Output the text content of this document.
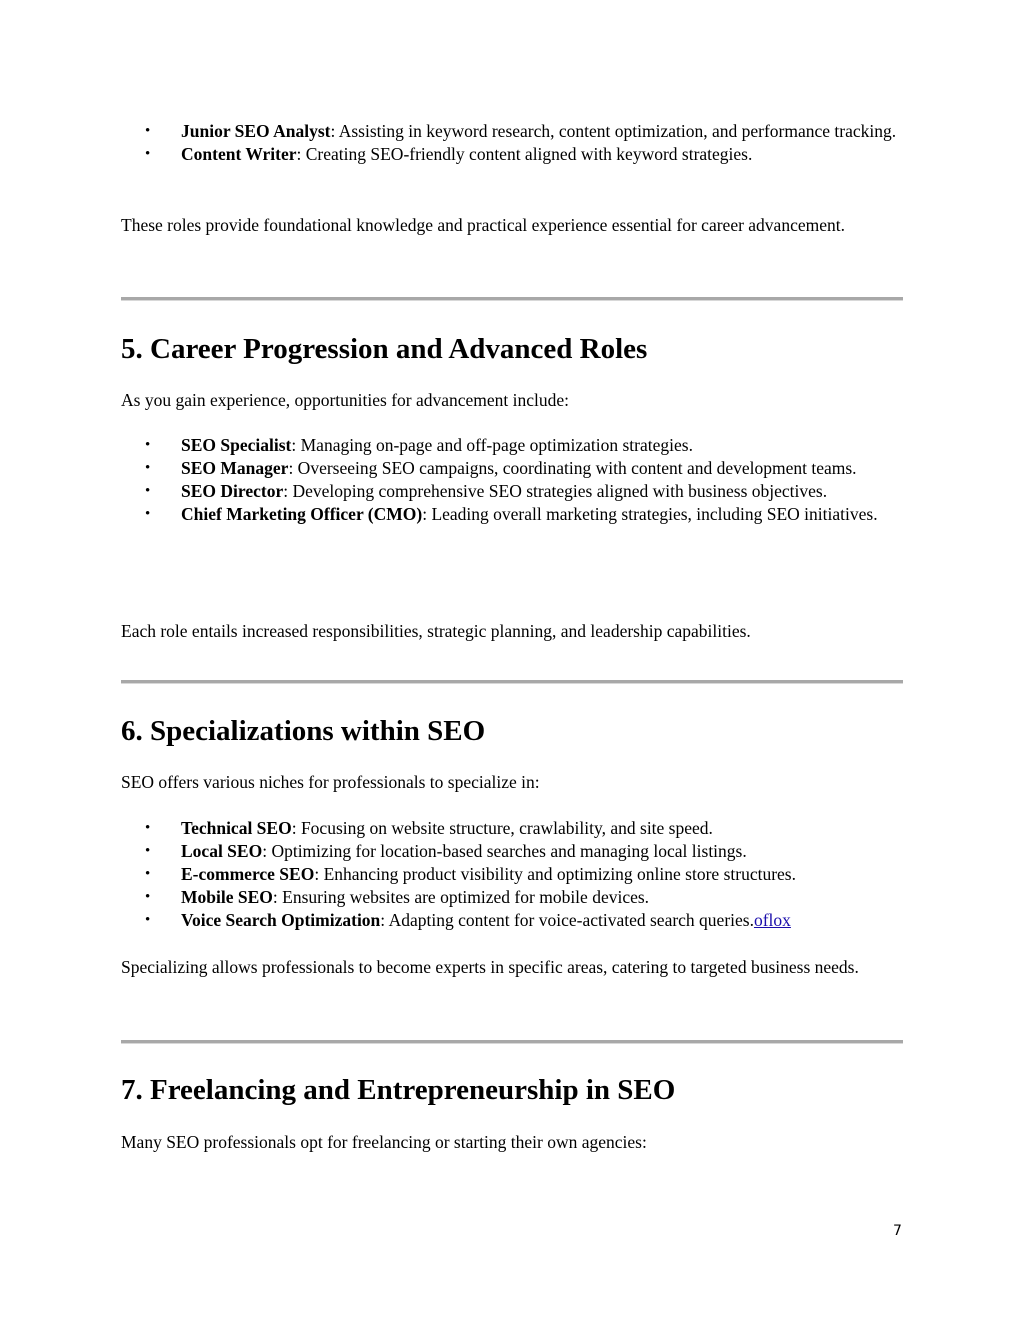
• Junior SEO Analyst: Assisting in keyword research, content optimization, and performance tracking.
• Content Writer: Creating SEO-friendly content aligned with keyword strategies.

These roles provide foundational knowledge and practical experience essential for career advancement.

5. Career Progression and Advanced Roles

As you gain experience, opportunities for advancement include:

• SEO Specialist: Managing on-page and off-page optimization strategies.
• SEO Manager: Overseeing SEO campaigns, coordinating with content and development teams.
• SEO Director: Developing comprehensive SEO strategies aligned with business objectives.
• Chief Marketing Officer (CMO): Leading overall marketing strategies, including SEO initiatives.

Each role entails increased responsibilities, strategic planning, and leadership capabilities.

6. Specializations within SEO

SEO offers various niches for professionals to specialize in:

• Technical SEO: Focusing on website structure, crawlability, and site speed.
• Local SEO: Optimizing for location-based searches and managing local listings.
• E-commerce SEO: Enhancing product visibility and optimizing online store structures.
• Mobile SEO: Ensuring websites are optimized for mobile devices.
• Voice Search Optimization: Adapting content for voice-activated search queries.oflox

Specializing allows professionals to become experts in specific areas, catering to targeted business needs.

7. Freelancing and Entrepreneurship in SEO

Many SEO professionals opt for freelancing or starting their own agencies:

7
